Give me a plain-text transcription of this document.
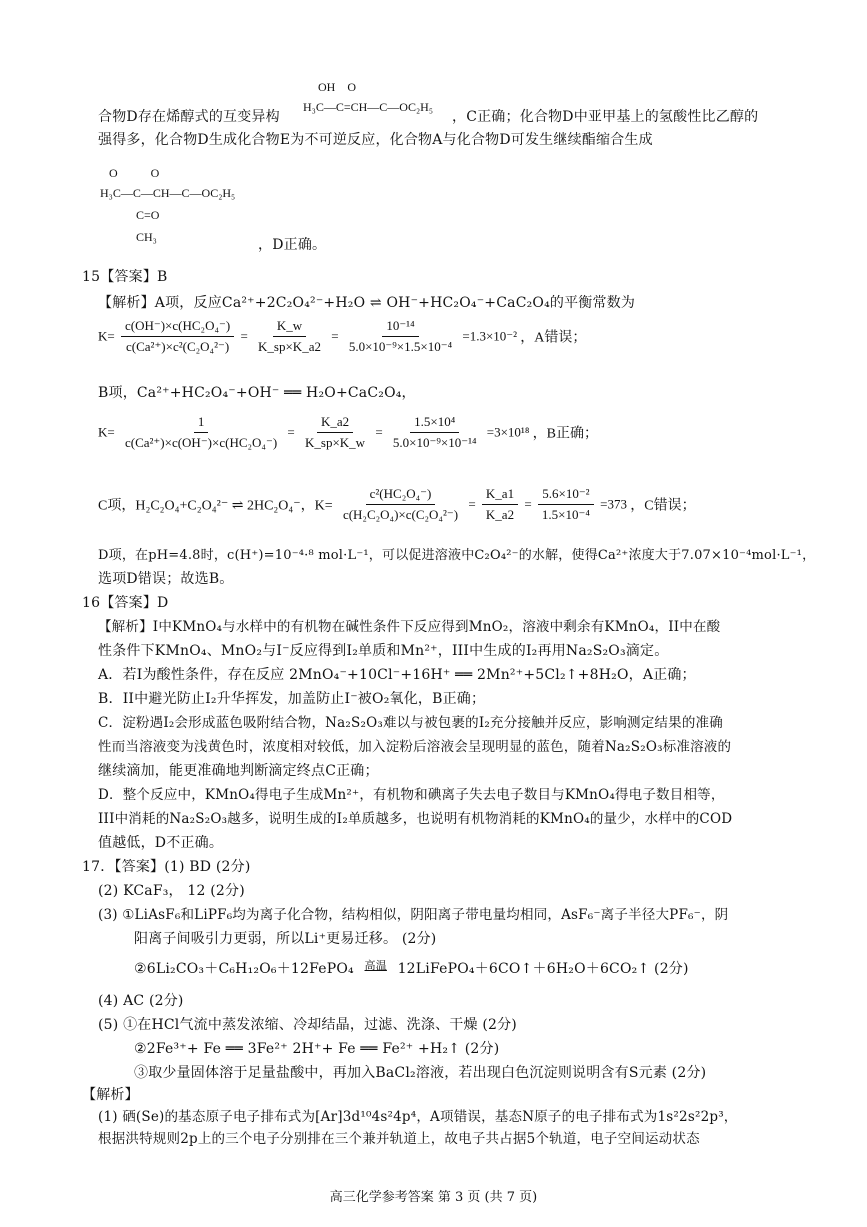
OH    O
H₃C—C=CH—C—OC₂H₅
合物D存在烯醇式的互变异构	，C正确；化合物D中亚甲基上的氢酸性比乙醇的
强得多，化合物D生成化合物E为不可逆反应，化合物A与化合物D可发生继续酯缩合生成
O           O
H₃C—C—CH—C—OC₂H₅
C=O
CH₃	，D正确。
15【答案】B
【解析】A项，反应Ca²⁺+2C₂O₄²⁻+H₂O ⇌ OH⁻+HC₂O₄⁻+CaC₂O₄的平衡常数为
$K= \frac{\text{c(OH⁻)×c(HC₂O₄⁻)}}{\text{c(Ca²⁺)×c²(C₂O₄²⁻)}} = \frac{K\_w}{K\_sp\times K\_a2} = \frac{\text{10⁻¹⁴}}{\text{5.0×10⁻⁹×1.5×10⁻⁴}} =1.3\times 10^{-2}$ ，A错误；
B项，Ca²⁺+HC₂O₄⁻+OH⁻ ══ H₂O+CaC₂O₄，
$K= \frac{1}{\text{c(Ca²⁺)×c(OH⁻)×c(HC₂O₄⁻)}} = \frac{K\_a2}{K\_sp\times K\_w} = \frac{\text{1.5×10⁴}}{\text{5.0×10⁻⁹×10⁻¹⁴}} =3\times 10^{18}$ ，B正确；
C项，H₂C₂O₄+C₂O₄²⁻ ⇌ 2HC₂O₄⁻，$K= \frac{\text{c²(HC₂O₄⁻)}}{\text{c(H₂C₂O₄)×c(C₂O₄²⁻)}} = \frac{K\_a1}{K\_a2} = \frac{\text{5.6×10⁻²}}{\text{1.5×10⁻⁴}} =373$ ，C错误；
D项，在pH=4.8时，c(H⁺)=10⁻⁴·⁸ mol·L⁻¹，可以促进溶液中C₂O₄²⁻的水解，使得Ca²⁺浓度大于7.07×10⁻⁴mol·L⁻¹，
选项D错误；故选B。
16【答案】D
【解析】I中KMnO₄与水样中的有机物在碱性条件下反应得到MnO₂，溶液中剩余有KMnO₄，II中在酸
性条件下KMnO₄、MnO₂与I⁻反应得到I₂单质和Mn²⁺，III中生成的I₂再用Na₂S₂O₃滴定。
A．若I为酸性条件，存在反应 2MnO₄⁻+10Cl⁻+16H⁺ ══ 2Mn²⁺+5Cl₂↑+8H₂O，A正确；
B．II中避光防止I₂升华挥发，加盖防止I⁻被O₂氧化，B正确；
C．淀粉遇I₂会形成蓝色吸附结合物，Na₂S₂O₃难以与被包裹的I₂充分接触并反应，影响测定结果的准确
性而当溶液变为浅黄色时，浓度相对较低，加入淀粉后溶液会呈现明显的蓝色，随着Na₂S₂O₃标准溶液的
继续滴加，能更准确地判断滴定终点C正确；
D．整个反应中，KMnO₄得电子生成Mn²⁺，有机物和碘离子失去电子数目与KMnO₄得电子数目相等，
III中消耗的Na₂S₂O₃越多，说明生成的I₂单质越多，也说明有机物消耗的KMnO₄的量少，水样中的COD
值越低，D不正确。
17．【答案】(1) BD (2分)
(2) KCaF₃， 12 (2分)
(3) ①LiAsF₆和LiPF₆均为离子化合物，结构相似，阴阳离子带电量均相同，AsF₆⁻离子半径大PF₆⁻，阴
阳离子间吸引力更弱，所以Li⁺更易迁移。 (2分)
②6Li₂CO₃＋C₆H₁₂O₆＋12FePO₄ $^{高温}$ 12LiFePO₄＋6CO↑＋6H₂O＋6CO₂↑ (2分)
(4) AC (2分)
(5) ①在HCl气流中蒸发浓缩、冷却结晶，过滤、洗涤、干燥 (2分)
②2Fe³⁺+ Fe ══ 3Fe²⁺ 2H⁺+ Fe ══ Fe²⁺ +H₂↑ (2分)
③取少量固体溶于足量盐酸中，再加入BaCl₂溶液，若出现白色沉淀则说明含有S元素 (2分)
【解析】
(1) 硒(Se)的基态原子电子排布式为[Ar]3d¹⁰4s²4p⁴，A项错误，基态N原子的电子排布式为1s²2s²2p³，
根据洪特规则2p上的三个电子分别排在三个兼并轨道上，故电子共占据5个轨道，电子空间运动状态
高三化学参考答案 第 3 页 (共 7 页)
